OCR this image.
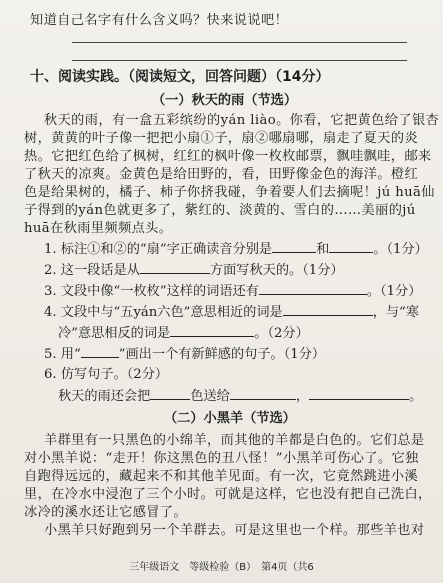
知道自己名字有什么含义吗？快来说说吧！
十、阅读实践。（阅读短文，回答问题）（14分）
（一）秋天的雨（节选）
秋天的雨，有一盒五彩缤纷的yán liào。你看，它把黄色给了银杏
树，黄黄的叶子像一把把小扇①子，扇②哪扇哪，扇走了夏天的炎
热。它把红色给了枫树，红红的枫叶像一枚枚邮票，飘哇飘哇，邮来
了秋天的凉爽。金黄色是给田野的，看，田野像金色的海洋。橙红
色是给果树的，橘子、柿子你挤我碰，争着要人们去摘呢！jú huā仙
子得到的yán色就更多了，紫红的、淡黄的、雪白的……美丽的jú
huā在秋雨里频频点头。
1. 标注①和②的“扇”字正确读音分别是	和	。（1分）
2. 这一段话是从	方面写秋天的。（1分）
3. 文段中像“一枚枚”这样的词语还有	。（1分）
4. 文段中与“五yán六色”意思相近的词是	，与“寒
冷”意思相反的词是	。（2分）
5. 用“	”画出一个有新鲜感的句子。（1分）
6. 仿写句子。（2分）
秋天的雨还会把	色送给	，	。
（二）小黑羊（节选）
羊群里有一只黑色的小绵羊，而其他的羊都是白色的。它们总是
对小黑羊说：“走开！你这黑色的丑八怪！”小黑羊可伤心了。它独
自跑得远远的，藏起来不和其他羊见面。有一次，它竟然跳进小溪
里，在冷水中浸泡了三个小时。可就是这样，它也没有把自己洗白，
冰冷的溪水还让它感冒了。
小黑羊只好跑到另一个羊群去。可是这里也一个样。那些羊也对
三年级语文　等级检验（B）　第4页（共6
